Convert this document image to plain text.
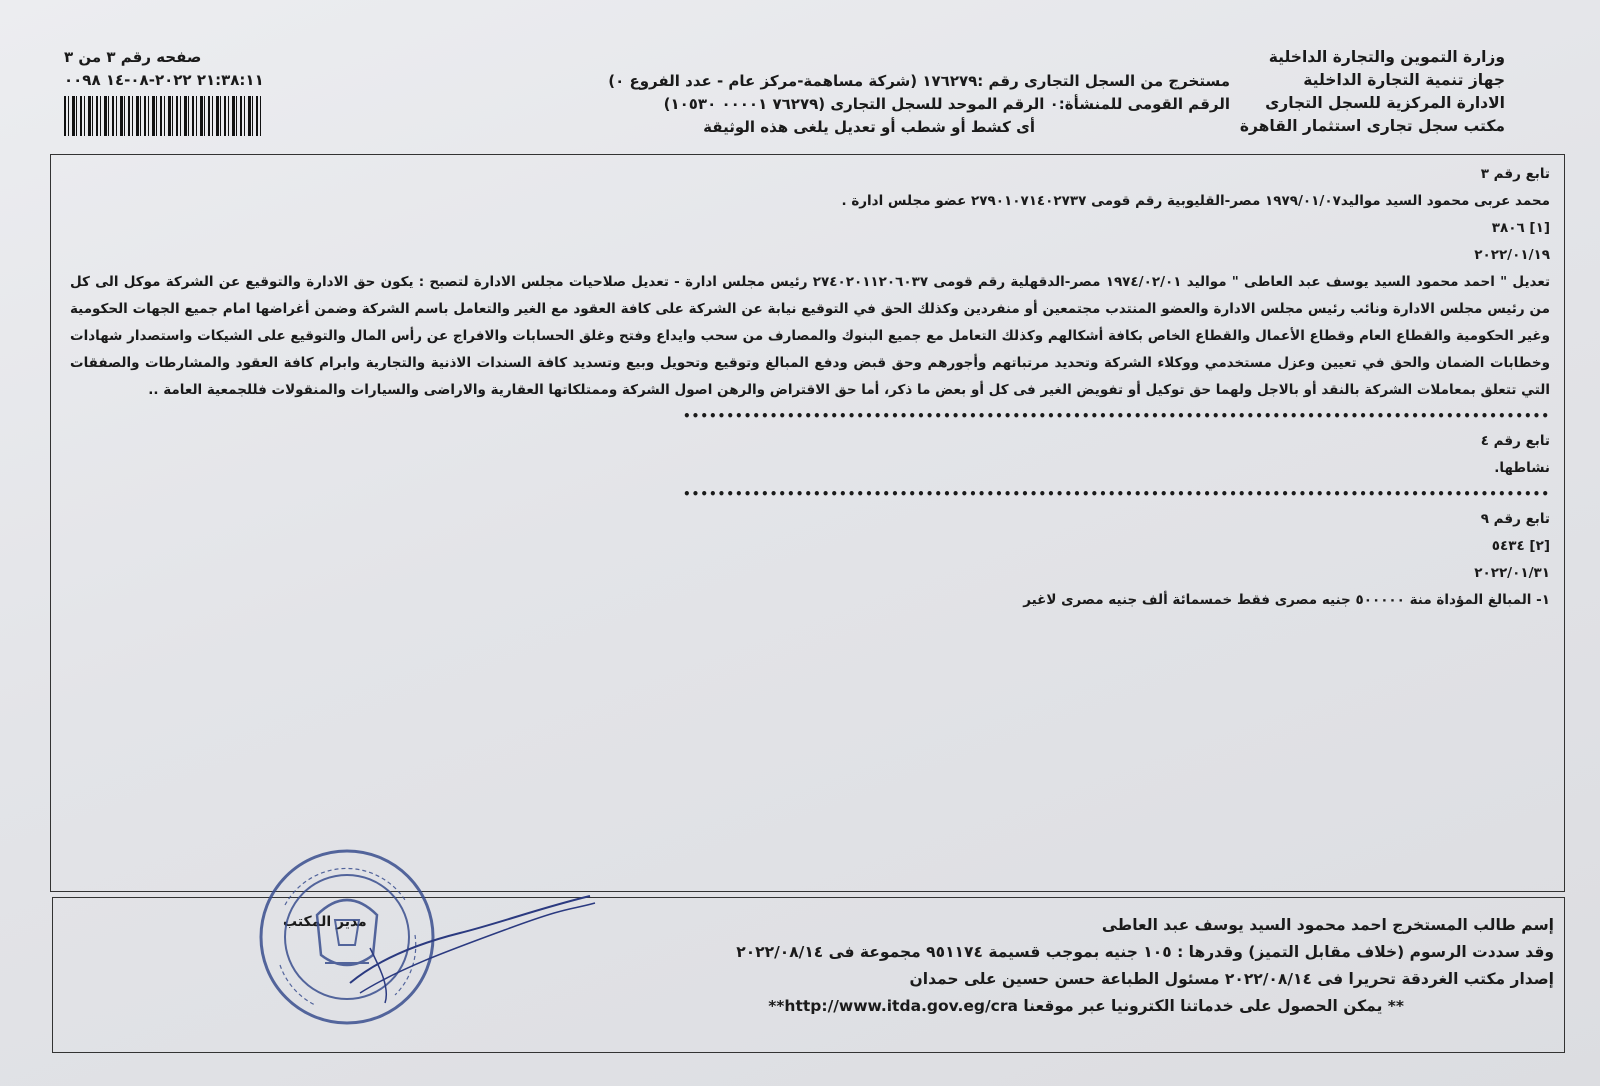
وزارة التموين والتجارة الداخلية
جهاز تنمية التجارة الداخلية
الادارة المركزية للسجل التجارى
مكتب سجل تجارى استثمار القاهرة
مستخرج من السجل التجارى رقم :١٧٦٢٧٩ (شركة مساهمة-مركز عام - عدد الفروع ٠)
الرقم القومى للمنشأة:٠ الرقم الموحد للسجل التجارى (٧٦٢٧٩ ٠٠٠٠١ ١٠٥٣٠)
أى كشط أو شطب أو تعديل يلغى هذه الوثيقة
صفحه رقم ٣ من ٣
٢١:٣٨:١١ ٢٠٢٢-٠٨-١٤ ٠٠٩٨
تابع رقم ٣
محمد عربى محمود السيد مواليد١٩٧٩/٠١/٠٧ مصر-القليوبية رقم قومى ٢٧٩٠١٠٧١٤٠٢٧٣٧ عضو مجلس ادارة .
[١] ٣٨٠٦
٢٠٢٢/٠١/١٩
تعديل " احمد محمود السيد يوسف عبد العاطى " مواليد ١٩٧٤/٠٢/٠١ مصر-الدقهلية رقم قومى ٢٧٤٠٢٠١١٢٠٦٠٣٧ رئيس مجلس ادارة - تعديل صلاحيات مجلس الادارة لتصبح : يكون حق الادارة والتوقيع عن الشركة موكل الى كل من رئيس مجلس الادارة ونائب رئيس مجلس الادارة والعضو المنتدب مجتمعين أو منفردين وكذلك الحق في التوقيع نيابة عن الشركة على كافة العقود مع الغير والتعامل باسم الشركة وضمن أغراضها امام جميع الجهات الحكومية وغير الحكومية والقطاع العام وقطاع الأعمال والقطاع الخاص بكافة أشكالهم وكذلك التعامل مع جميع البنوك والمصارف من سحب وايداع وفتح وغلق الحسابات والافراج عن رأس المال والتوقيع على الشيكات واستصدار شهادات وخطابات الضمان والحق في تعيين وعزل مستخدمي ووكلاء الشركة وتحديد مرتباتهم وأجورهم وحق قبض ودفع المبالغ وتوقيع وتحويل وبيع وتسديد كافة السندات الاذنية والتجارية وابرام كافة العقود والمشارطات والصفقات التي تتعلق بمعاملات الشركة بالنقد أو بالاجل ولهما حق توكيل أو تفويض الغير فى كل أو بعض ما ذكر، أما حق الاقتراض والرهن اصول الشركة وممتلكاتها العقارية والاراضى والسيارات والمنقولات فللجمعية العامة ..
••••••••••••••••••••••••••••••••••••••••••••••••••••••••••••••••••••••••••••••••••••••••••••••••••••
تابع رقم ٤
نشاطها.
••••••••••••••••••••••••••••••••••••••••••••••••••••••••••••••••••••••••••••••••••••••••••••••••••••
تابع رقم ٩
[٢] ٥٤٣٤
٢٠٢٢/٠١/٣١
١- المبالغ المؤداة منة ٥٠٠٠٠٠ جنيه مصرى فقط خمسمائة ألف جنيه مصرى لاغير
إسم طالب المستخرج احمد محمود السيد يوسف عبد العاطى
وقد سددت الرسوم (خلاف مقابل التميز) وقدرها : ١٠٥ جنيه بموجب قسيمة ٩٥١١٧٤ مجموعة فى ٢٠٢٢/٠٨/١٤
إصدار مكتب الغردقة تحريرا فى ٢٠٢٢/٠٨/١٤ مسئول الطباعة حسن حسين على حمدان
** يمكن الحصول على خدماتنا الكترونيا عبر موقعنا http://www.itda.gov.eg/cra**
مدير المكتب
